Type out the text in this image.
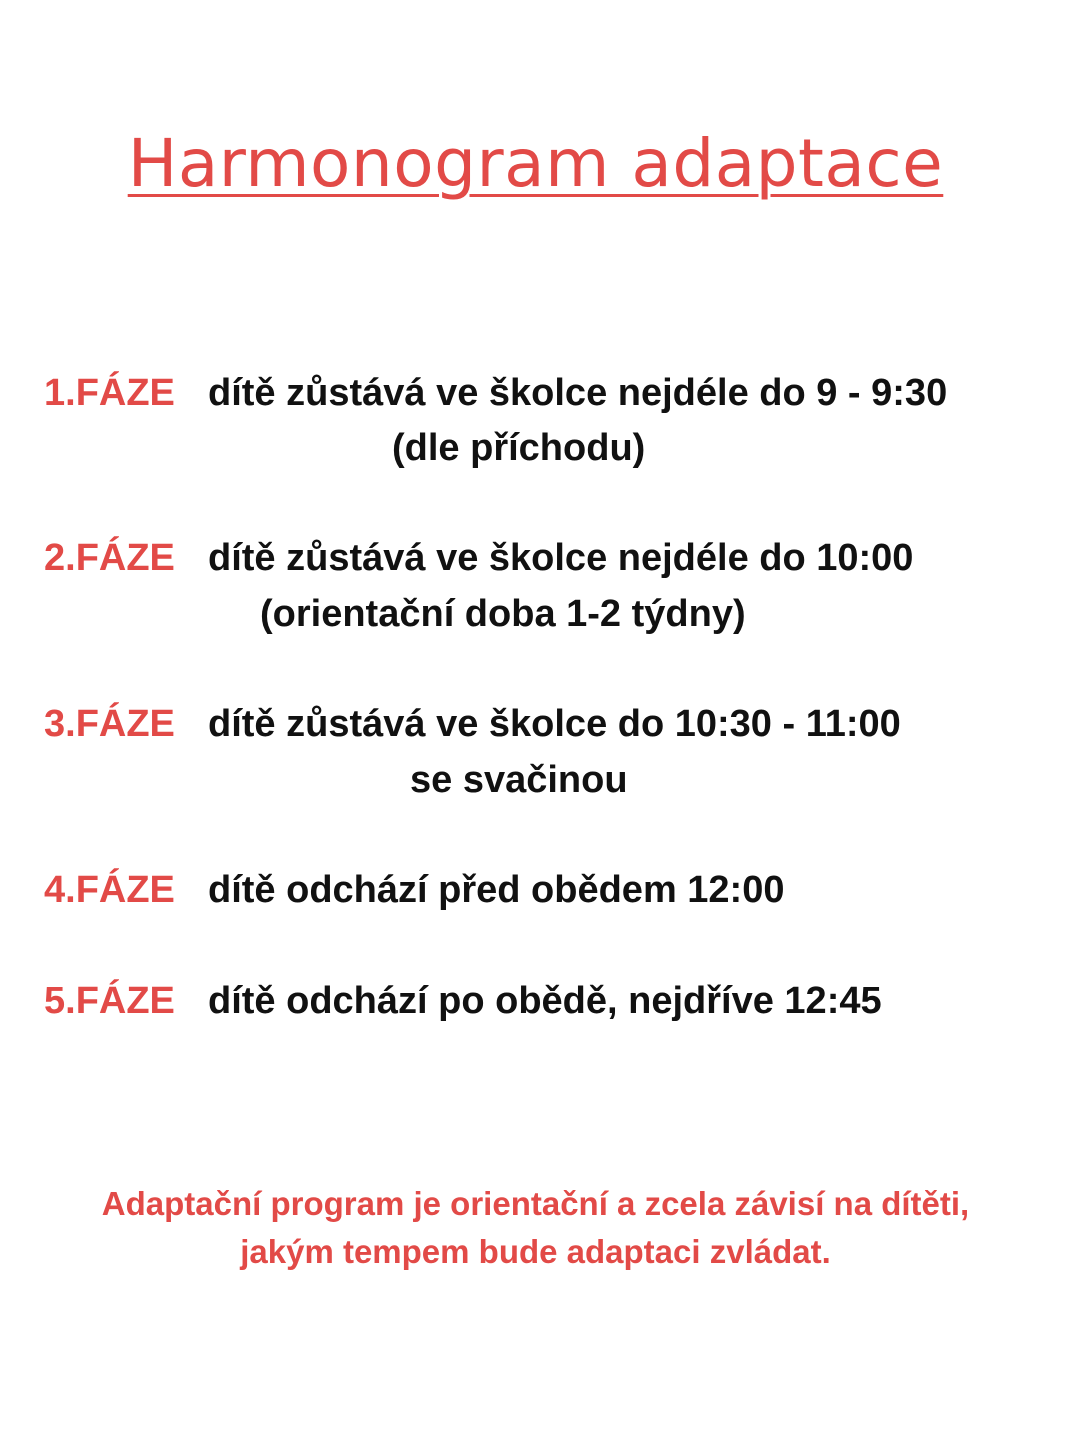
Harmonogram adaptace
1.FÁZE dítě zůstává ve školce nejdéle do 9 - 9:30
(dle příchodu)
2.FÁZE dítě zůstává ve školce nejdéle do 10:00
(orientační doba 1-2 týdny)
3.FÁZE dítě zůstává ve školce do 10:30 - 11:00
se svačinou
4.FÁZE dítě odchází před obědem 12:00
5.FÁZE dítě odchází po obědě, nejdříve 12:45
Adaptační program je orientační a zcela závisí na dítěti,
jakým tempem bude adaptaci zvládat.
